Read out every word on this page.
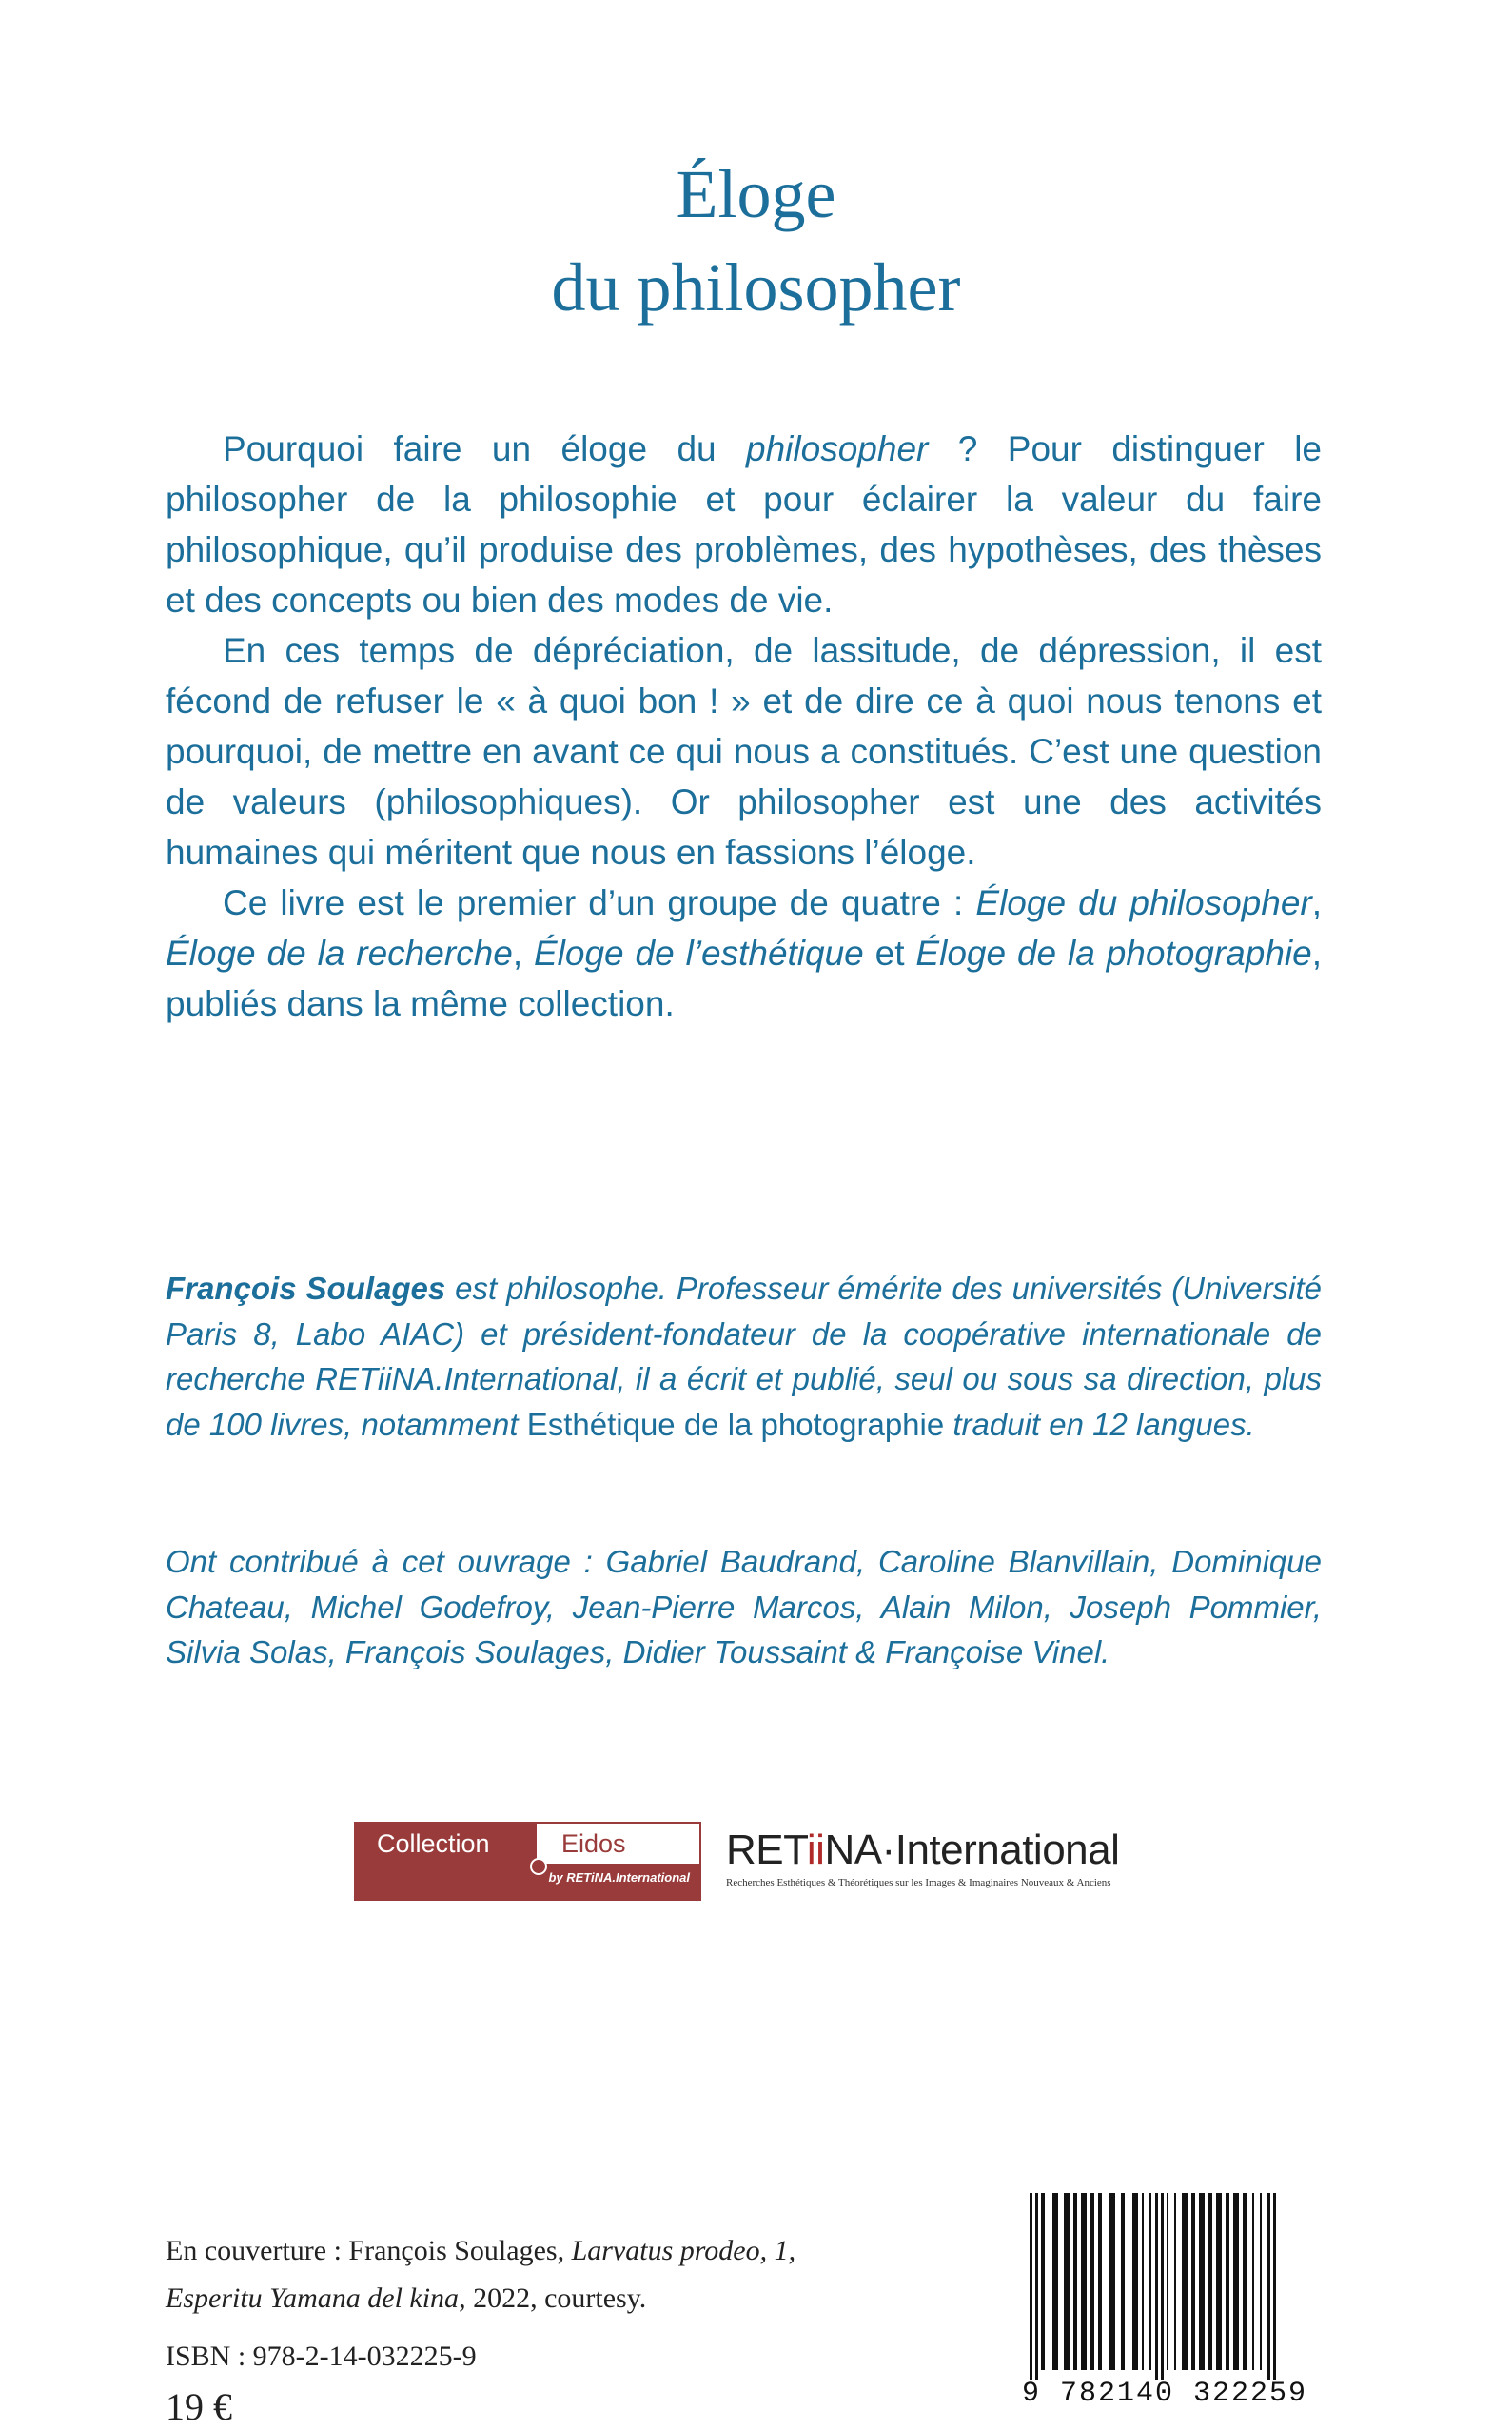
Éloge
du philosopher

Pourquoi faire un éloge du philosopher ? Pour distinguer le philosopher de la philosophie et pour éclairer la valeur du faire philosophique, qu’il produise des problèmes, des hypothèses, des thèses et des concepts ou bien des modes de vie.

En ces temps de dépréciation, de lassitude, de dépression, il est fécond de refuser le « à quoi bon ! » et de dire ce à quoi nous tenons et pourquoi, de mettre en avant ce qui nous a constitués. C’est une question de valeurs (philosophiques). Or philosopher est une des activités humaines qui méritent que nous en fassions l’éloge.

Ce livre est le premier d’un groupe de quatre : Éloge du philosopher, Éloge de la recherche, Éloge de l’esthétique et Éloge de la photographie, publiés dans la même collection.

François Soulages est philosophe. Professeur émérite des universités (Université Paris 8, Labo AIAC) et président-fondateur de la coopérative internationale de recherche RETiiNA.International, il a écrit et publié, seul ou sous sa direction, plus de 100 livres, notamment Esthétique de la photographie traduit en 12 langues.

Ont contribué à cet ouvrage : Gabriel Baudrand, Caroline Blanvillain, Dominique Chateau, Michel Godefroy, Jean-Pierre Marcos, Alain Milon, Joseph Pommier, Silvia Solas, François Soulages, Didier Toussaint & Françoise Vinel.

Collection	Eidos
by RETiNA.International
RETiiNA·International
Recherches Esthétiques & Théorétiques sur les Images & Imaginaires Nouveaux & Anciens

En couverture : François Soulages, Larvatus prodeo, 1,
Esperitu Yamana del kina, 2022, courtesy.

ISBN : 978-2-14-032225-9
19 €	9 782140 322259
